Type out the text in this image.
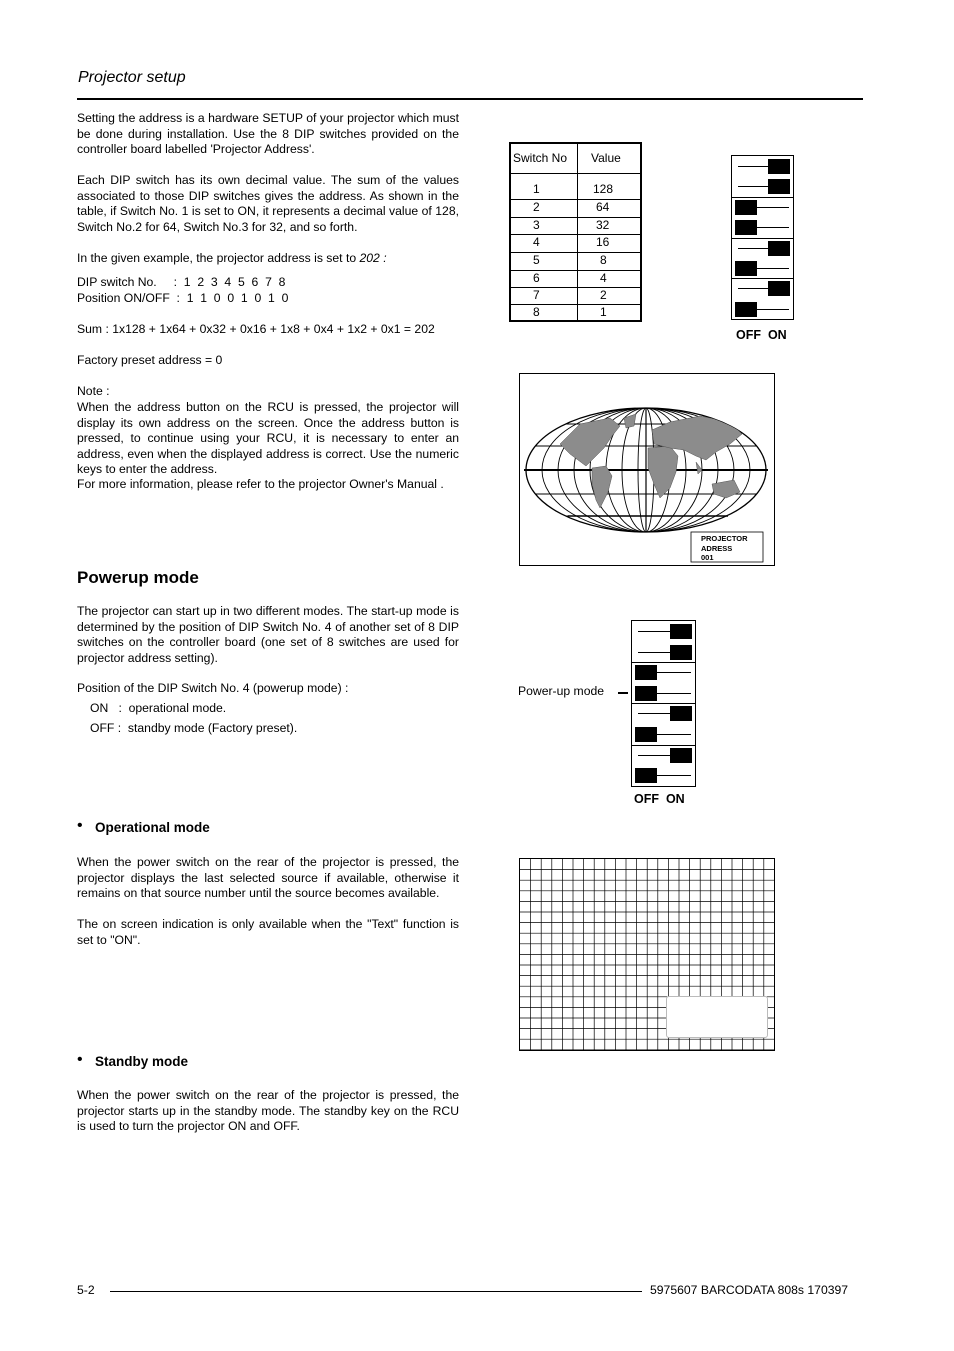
Projector setup
Setting the address is a hardware SETUP of your projector which must be done during installation. Use the 8 DIP switches provided on the controller board labelled 'Projector Address'.
Each DIP switch has its own decimal value. The sum of the values associated to those DIP switches gives the address. As shown in the table, if Switch No. 1 is set to ON, it represents a decimal value of 128, Switch No.2 for 64, Switch No.3 for 32, and so forth.
In the given example, the projector address is set to 202 :
DIP switch No.     :  1  2  3  4  5  6  7  8
Position ON/OFF  :  1  1  0  0  1  0  1  0
Sum : 1x128 + 1x64 + 0x32 + 0x16 + 1x8 + 0x4 + 1x2 + 0x1 = 202
Factory preset address = 0
Note :
When the address button on the RCU is pressed, the projector will display its own address on the screen. Once the address button is pressed, to continue using your RCU, it is necessary to enter an address, even when the displayed address is correct. Use the numeric keys to enter the address.
For more information, please refer to the projector Owner's Manual .
Switch No Value
1	128
2	64
3	32
4	16
5	8
6	4
7	2
8	1
OFF  ON
PROJECTOR
ADRESS
001
Powerup mode
The projector can start up in two different modes. The start-up mode is determined by the position of DIP Switch No. 4 of another set of 8 DIP switches on the controller board (one set of 8 switches are used for projector address setting).
Position of the DIP Switch No. 4 (powerup mode) :
ON   :  operational mode.
OFF :  standby mode (Factory preset).
Power-up mode
OFF  ON
• Operational mode
When the power switch on the rear of the projector is pressed, the projector displays the last selected source if available, otherwise it remains on that source number until the source becomes available.
The on screen indication is only available when the "Text" function is set to "ON".
• Standby mode
When the power switch on the rear of the projector is pressed, the projector starts up in the standby mode. The standby key on the RCU is used to turn the projector ON and OFF.
5-2	5975607 BARCODATA 808s 170397
